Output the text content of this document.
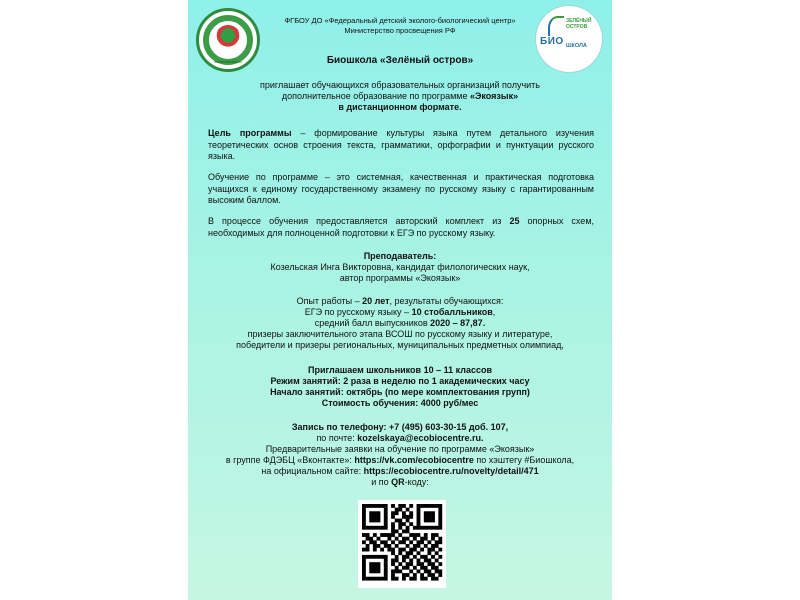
ecobiocentre.ru
ФГБОУ ДО «Федеральный детский эколого-биологический центр»
Министерство просвещения РФ
ЗЕЛЁНЫЙ
ОСТРОВ
БИО ШКОЛА
Биошкола «Зелёный остров»
приглашает обучающихся образовательных организаций получить
дополнительное образование по программе «Экоязык»
в дистанционном формате.
Цель программы – формирование культуры языка путем детального изучения теоретических основ строения текста, грамматики, орфографии и пунктуации русского языка.
Обучение по программе – это системная, качественная и практическая подготовка учащихся к единому государственному экзамену по русскому языку с гарантированным высоким баллом.
В процессе обучения предоставляется авторский комплект из 25 опорных схем, необходимых для полноценной подготовки к ЕГЭ по русскому языку.
Преподаватель:
Козельская Инга Викторовна, кандидат филологических наук,
автор программы «Экоязык»
Опыт работы – 20 лет, результаты обучающихся:
ЕГЭ по русскому языку – 10 стобалльников,
средний балл выпускников 2020 – 87,87.
призеры заключительного этапа ВСОШ по русскому языку и литературе,
победители и призеры региональных, муниципальных предметных олимпиад,
Приглашаем школьников 10 – 11 классов
Режим занятий: 2 раза в неделю по 1 академических часу
Начало занятий: октябрь (по мере комплектования групп)
Стоимость обучения: 4000 руб/мес
Запись по телефону: +7 (495) 603-30-15 доб. 107,
по почте: kozelskaya@ecobiocentre.ru.
Предварительные заявки на обучение по программе «Экоязык»
в группе ФДЭБЦ «Вконтакте»: https://vk.com/ecobiocentre по хэштегу #Биошкола,
на официальном сайте: https://ecobiocentre.ru/novelty/detail/471
и по QR-коду:
